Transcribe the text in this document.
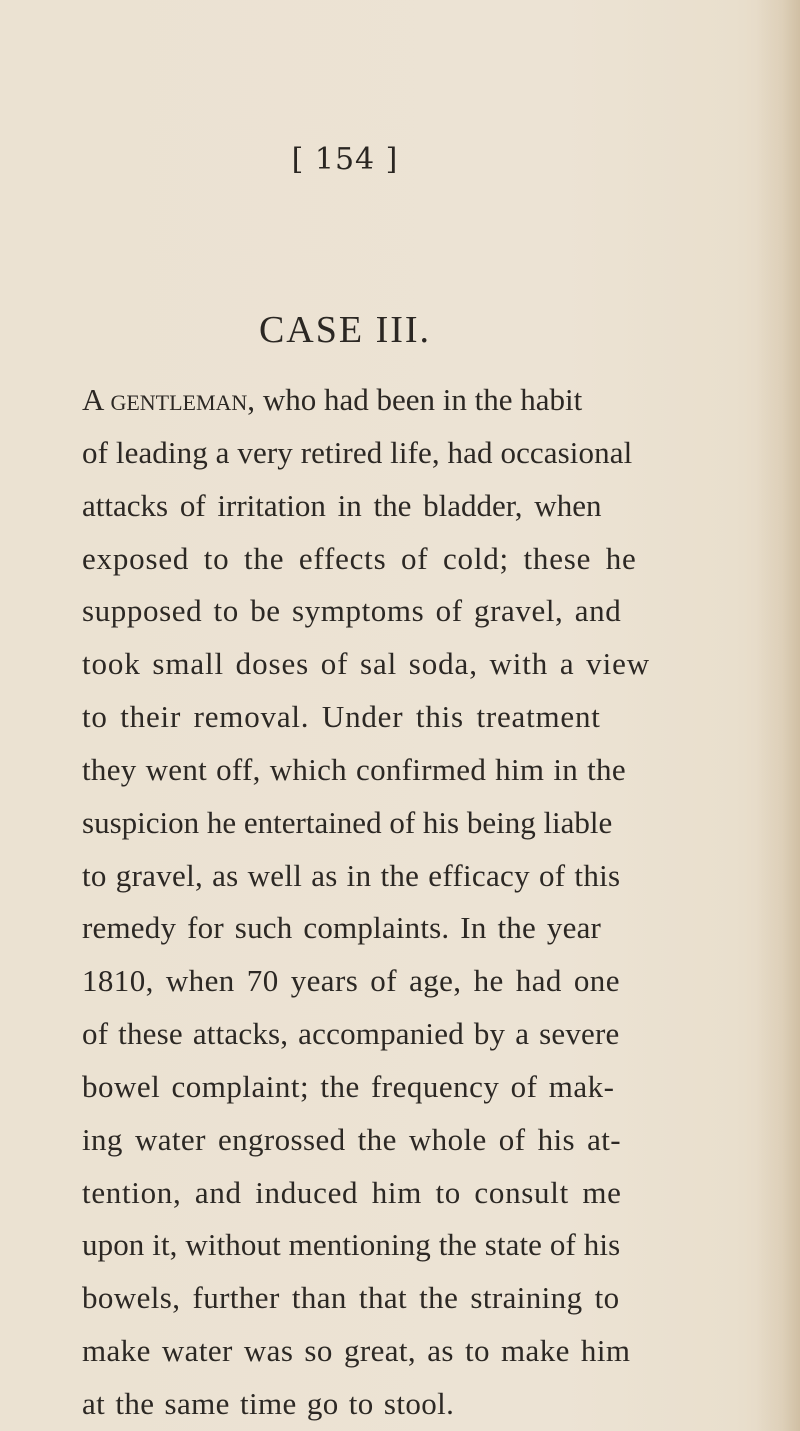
[ 154 ]
CASE III.
A gentleman, who had been in the habit
of leading a very retired life, had occasional
attacks of irritation in the bladder, when
exposed to the effects of cold; these he
supposed to be symptoms of gravel, and
took small doses of sal soda, with a view
to their removal. Under this treatment
they went off, which confirmed him in the
suspicion he entertained of his being liable
to gravel, as well as in the efficacy of this
remedy for such complaints. In the year
1810, when 70 years of age, he had one
of these attacks, accompanied by a severe
bowel complaint; the frequency of mak-
ing water engrossed the whole of his at-
tention, and induced him to consult me
upon it, without mentioning the state of his
bowels, further than that the straining to
make water was so great, as to make him
at the same time go to stool.
